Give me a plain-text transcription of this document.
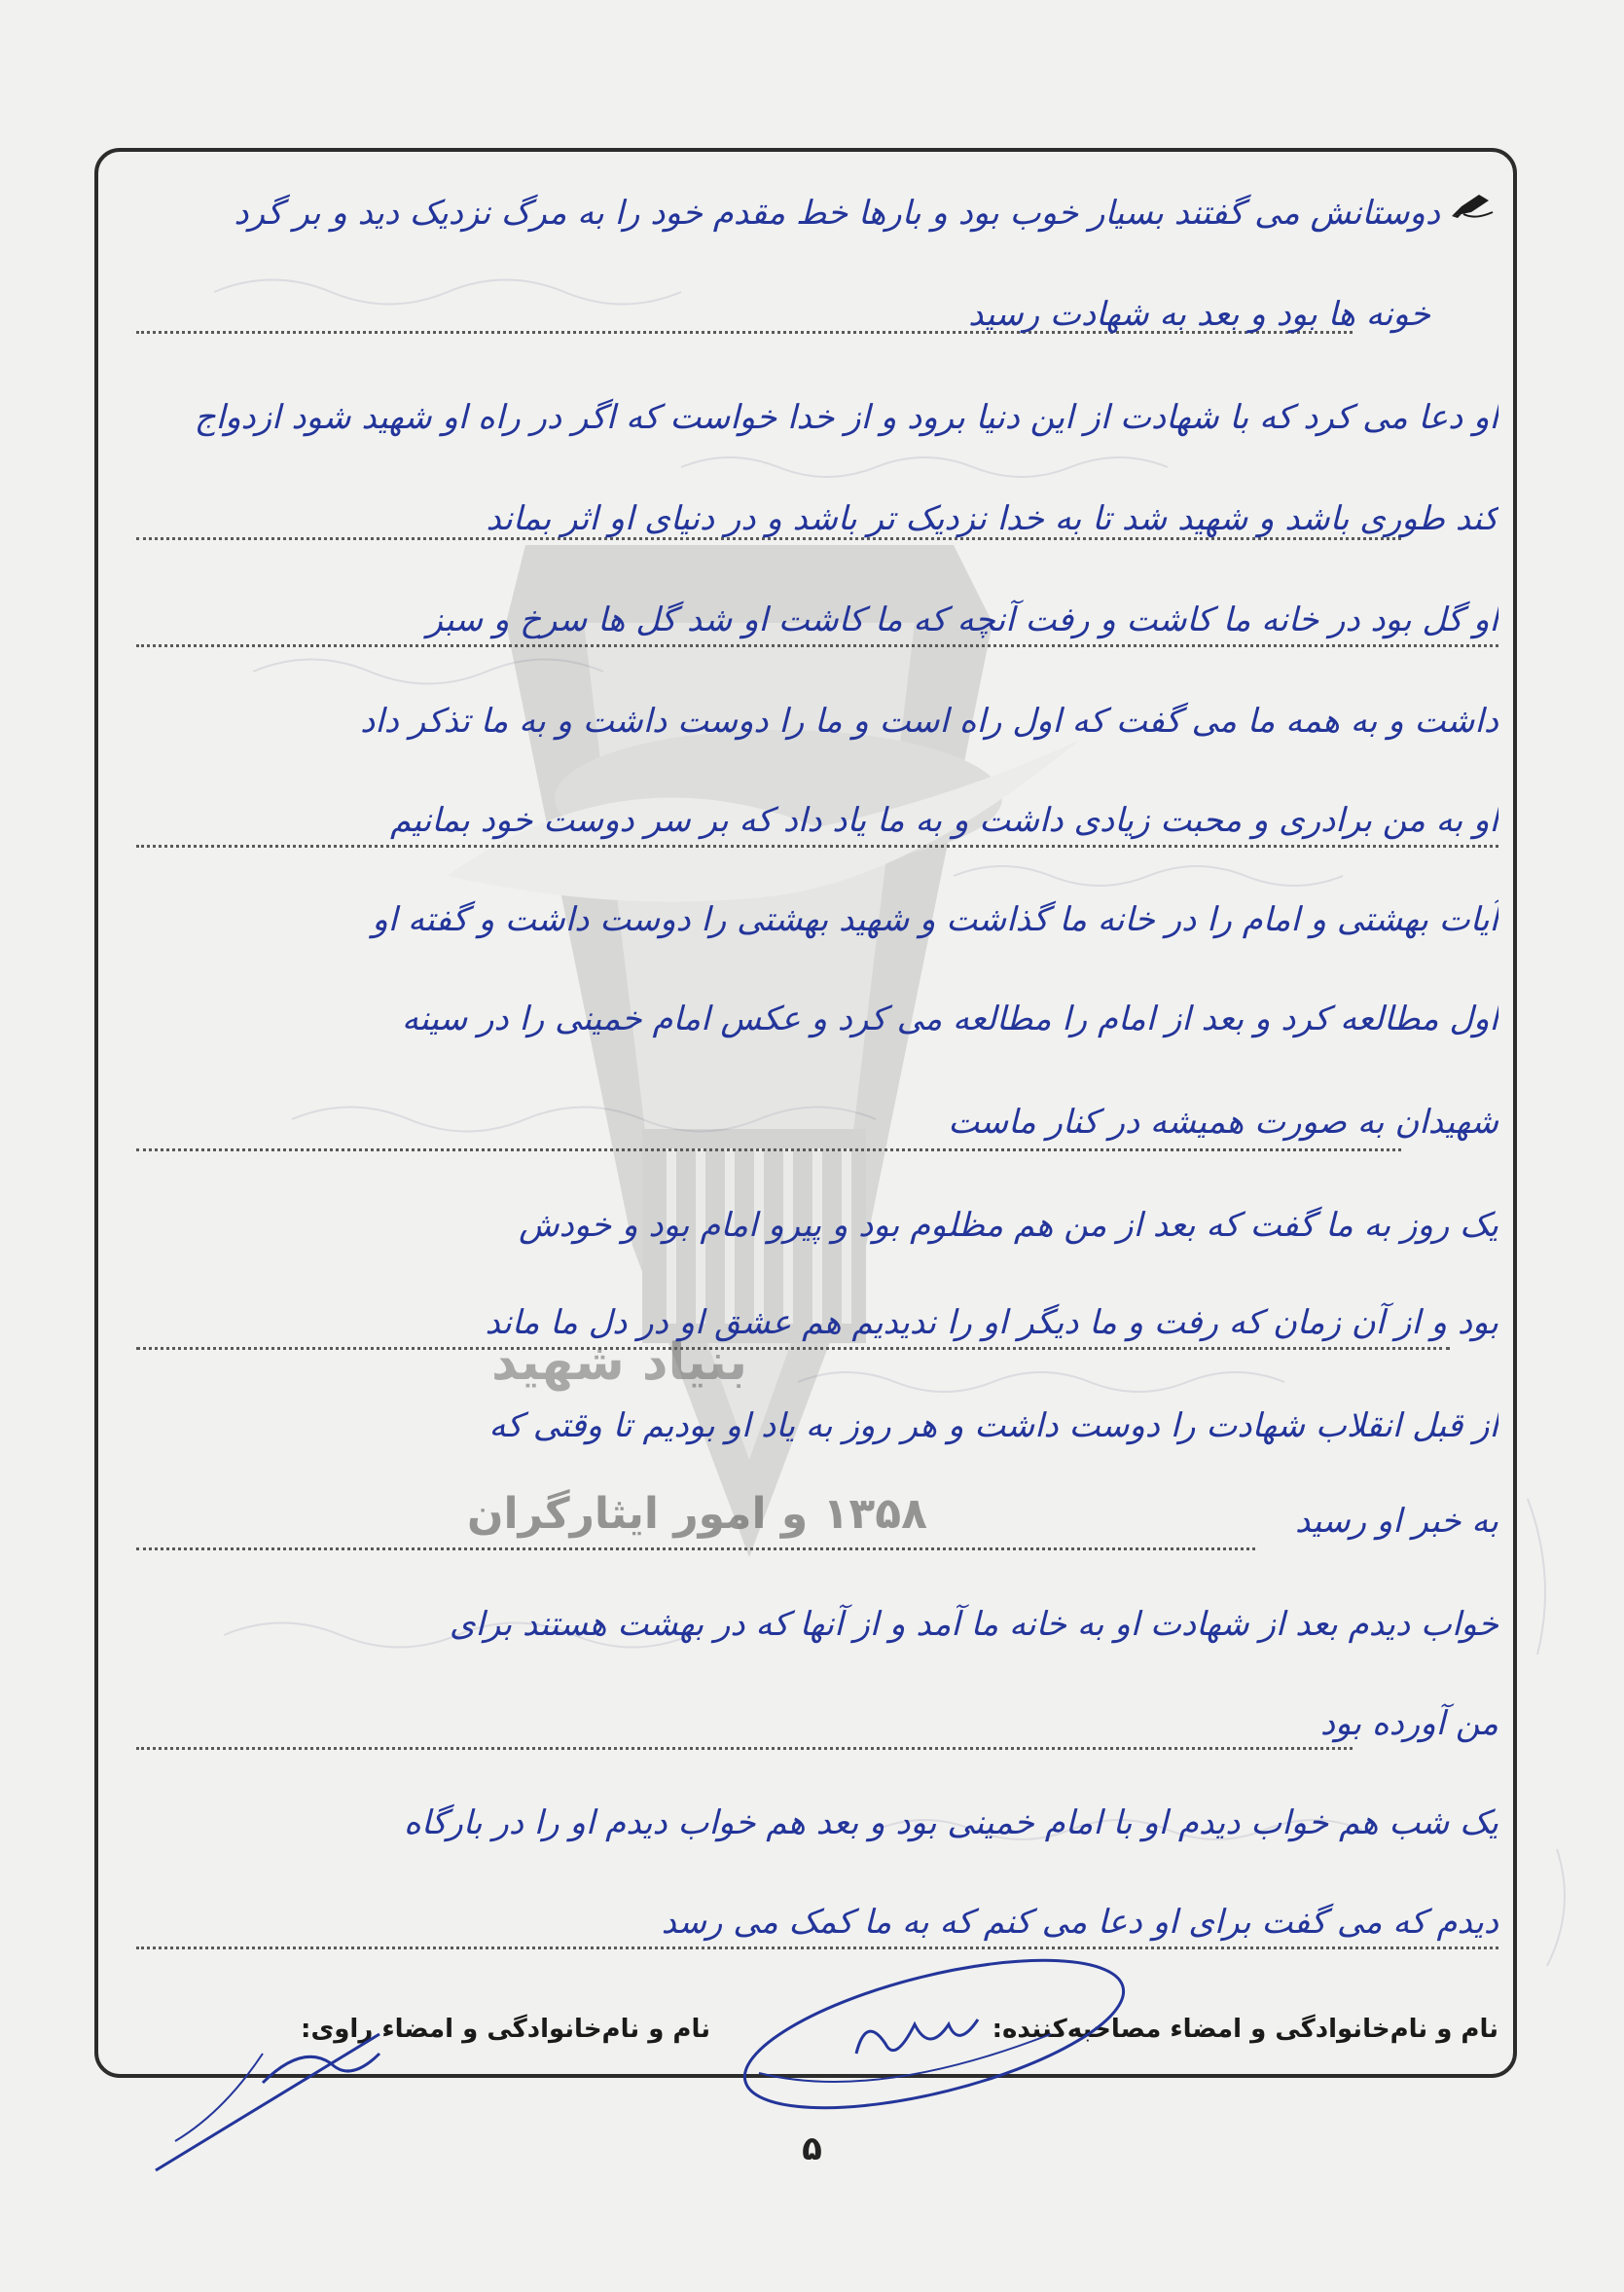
بنیاد شهید
۱۳۵۸ و امور ایثارگران
دوستانش می گفتند بسیار خوب بود و بارها خط مقدم خود را به مرگ نزدیک دید و بر گرد
خونه ها بود و بعد به شهادت رسید
او دعا می کرد که با شهادت از این دنیا برود و از خدا خواست که اگر در راه او شهید شود ازدواج
کند طوری باشد و شهید شد تا به خدا نزدیک تر باشد و در دنیای او اثر بماند
او گل بود در خانه ما کاشت و رفت آنچه که ما کاشت او شد گل ها سرخ و سبز
داشت و به همه ما می گفت که اول راه است و ما را دوست داشت و به ما تذکر داد
او به من برادری و محبت زیادی داشت و به ما یاد داد که بر سر دوست خود بمانیم
آیات بهشتی و امام را در خانه ما گذاشت و شهید بهشتی را دوست داشت و گفته او
اول مطالعه کرد و بعد از امام را مطالعه می کرد و عکس امام خمینی را در سینه
شهیدان به صورت همیشه در کنار ماست
یک روز به ما گفت که بعد از من هم مظلوم بود و پیرو امام بود و خودش
بود و از آن زمان که رفت و ما دیگر او را ندیدیم هم عشق او در دل ما ماند
از قبل انقلاب شهادت را دوست داشت و هر روز به یاد او بودیم تا وقتی که
به خبر او رسید
خواب دیدم بعد از شهادت او به خانه ما آمد و از آنها که در بهشت هستند برای
من آورده بود
یک شب هم خواب دیدم او با امام خمینی بود و بعد هم خواب دیدم او را در بارگاه
دیدم که می گفت برای او دعا می کنم که به ما کمک می رسد
نام و نام‌خانوادگی و امضاء مصاحبه‌کننده:
نام و نام‌خانوادگی و امضاء راوی:
۵
